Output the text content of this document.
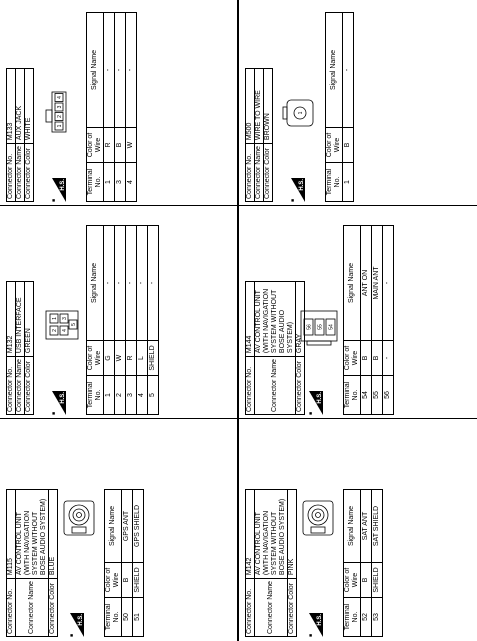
Connector No.	M115
Connector Name	AV CONTROL UNIT (WITH NAVIGATION SYSTEM WITHOUT BOSE AUDIO SYSTEM)
Connector Color	BLUE
■
H.S.	Terminal No.	Color of Wire	Signal Name
50	B	GPS ANT
51	SHIELD	GPS SHIELD
Connector No.	M132
Connector Name	USB INTERFACE
Connector Color	GREEN
■
H.S.
2
1
4
3
5
Terminal No.	Color of Wire	Signal Name
1	G	-
2	W	-
3	R	-
4	L	-
5	SHIELD	-
Connector No.	M133
Connector Name	AUX JACK
Connector Color	WHITE
■
H.S.
1
2
3
4
Terminal No.	Color of Wire	Signal Name
1	R	-
3	B	-
4	W	-
Connector No.	M142
Connector Name	AV CONTROL UNIT (WITH NAVIGATION SYSTEM WITHOUT BOSE AUDIO SYSTEM)
Connector Color	PINK
■
H.S.	Terminal No.	Color of Wire	Signal Name
52	B	SAT ANT
53	SHIELD	SAT SHIELD
Connector No.	M144
Connector Name	AV CONTROL UNIT (WITH NAVIGATION SYSTEM WITHOUT BOSE AUDIO SYSTEM)
Connector Color	GRAY
■
H.S.
56 55 54
Terminal No.	Color of Wire	Signal Name
54	B	ANT ON
55	B	MAIN ANT
56	-	-
Connector No.	M500
Connector Name	WIRE TO WIRE
Connector Color	BROWN
■
H.S.
1
Terminal No.	Color of Wire	Signal Name
1	B	-
